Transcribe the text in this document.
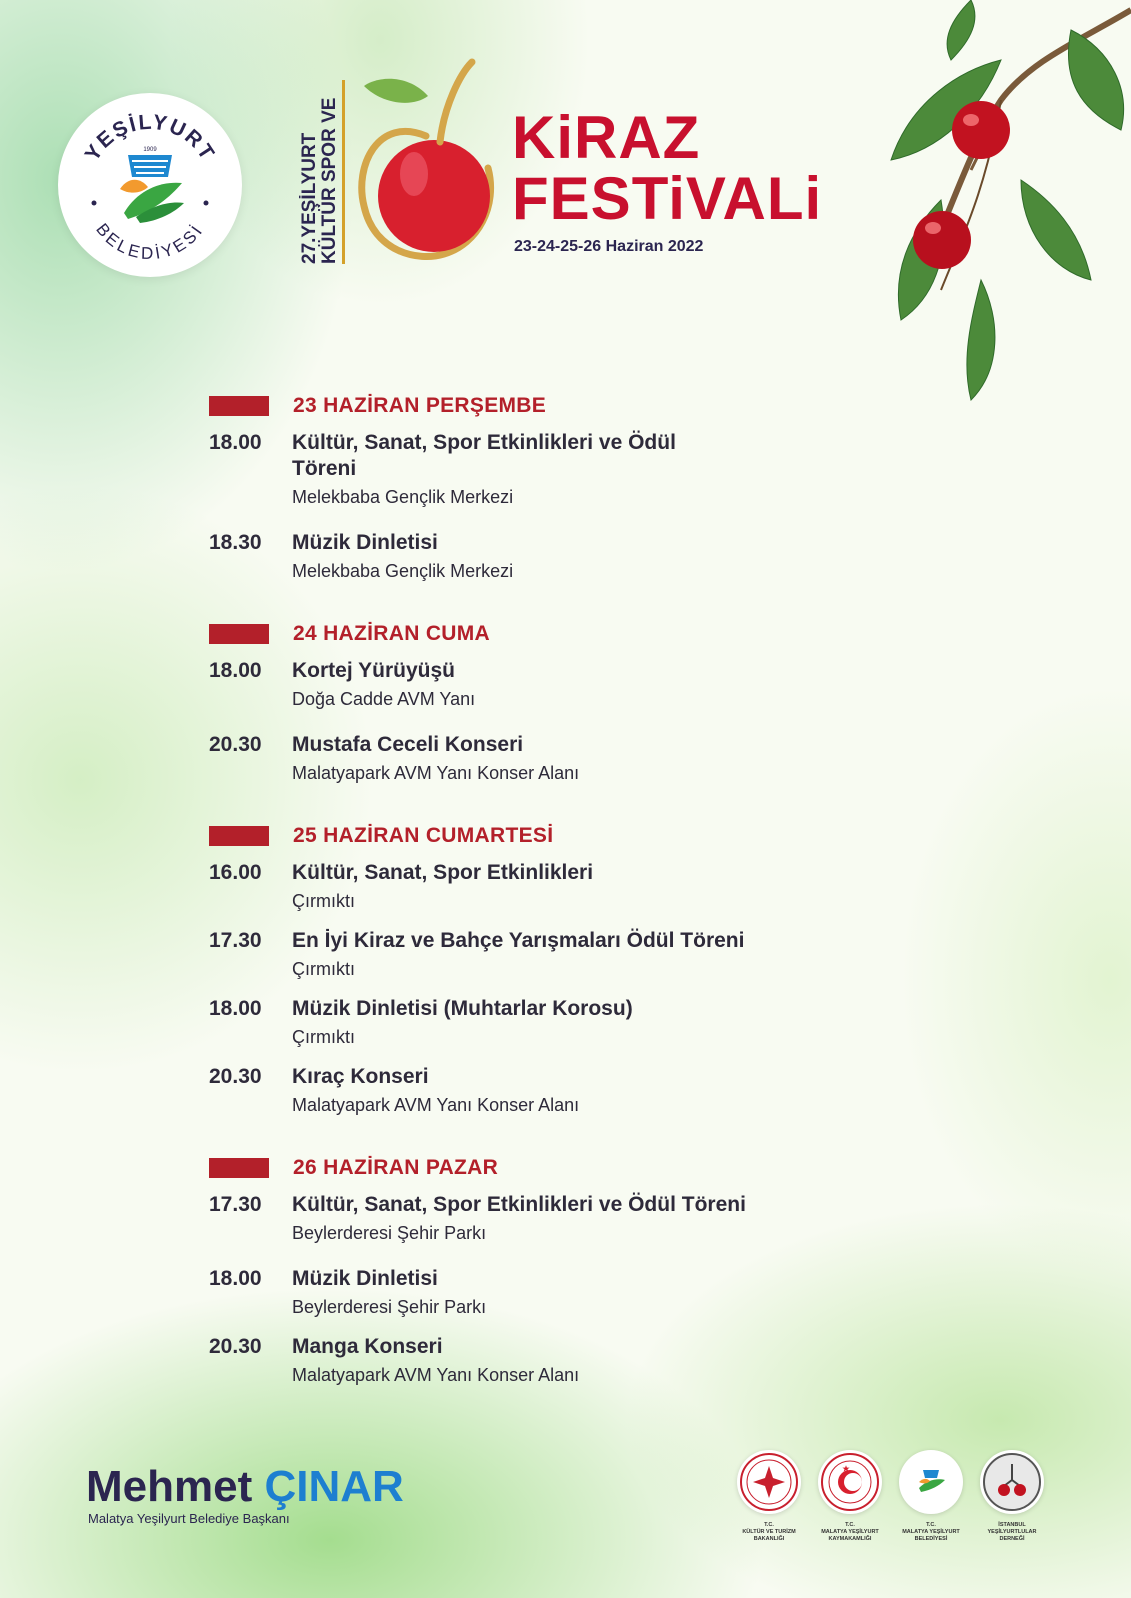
YEŞİLYURT
BELEDİYESİ
1909	27.YEŞİLYURT KÜLTÜR SPOR VE	KiRAZ
FESTiVALi
23-24-25-26 Haziran 2022
23 HAZİRAN PERŞEMBE
18.00	Kültür, Sanat, Spor Etkinlikleri ve Ödül Töreni
Melekbaba Gençlik Merkezi
18.30	Müzik Dinletisi
Melekbaba Gençlik Merkezi
24 HAZİRAN CUMA
18.00	Kortej Yürüyüşü
Doğa Cadde AVM Yanı
20.30	Mustafa Ceceli Konseri
Malatyapark AVM Yanı Konser Alanı
25 HAZİRAN CUMARTESİ
16.00	Kültür, Sanat, Spor Etkinlikleri
Çırmıktı
17.30	En İyi Kiraz ve Bahçe Yarışmaları Ödül Töreni
Çırmıktı
18.00	Müzik Dinletisi (Muhtarlar Korosu)
Çırmıktı
20.30	Kıraç Konseri
Malatyapark AVM Yanı Konser Alanı
26 HAZİRAN PAZAR
17.30	Kültür, Sanat, Spor Etkinlikleri ve Ödül Töreni
Beylerderesi Şehir Parkı
18.00	Müzik Dinletisi
Beylerderesi Şehir Parkı
20.30	Manga Konseri
Malatyapark AVM Yanı Konser Alanı
Mehmet ÇINAR
Malatya Yeşilyurt Belediye Başkanı	T.C.
KÜLTÜR VE TURİZM
BAKANLIĞI
T.C.
MALATYA YEŞİLYURT
KAYMAKAMLIĞI
T.C.
MALATYA YEŞİLYURT
BELEDİYESİ
İSTANBUL
YEŞİLYURTLULAR
DERNEĞİ
